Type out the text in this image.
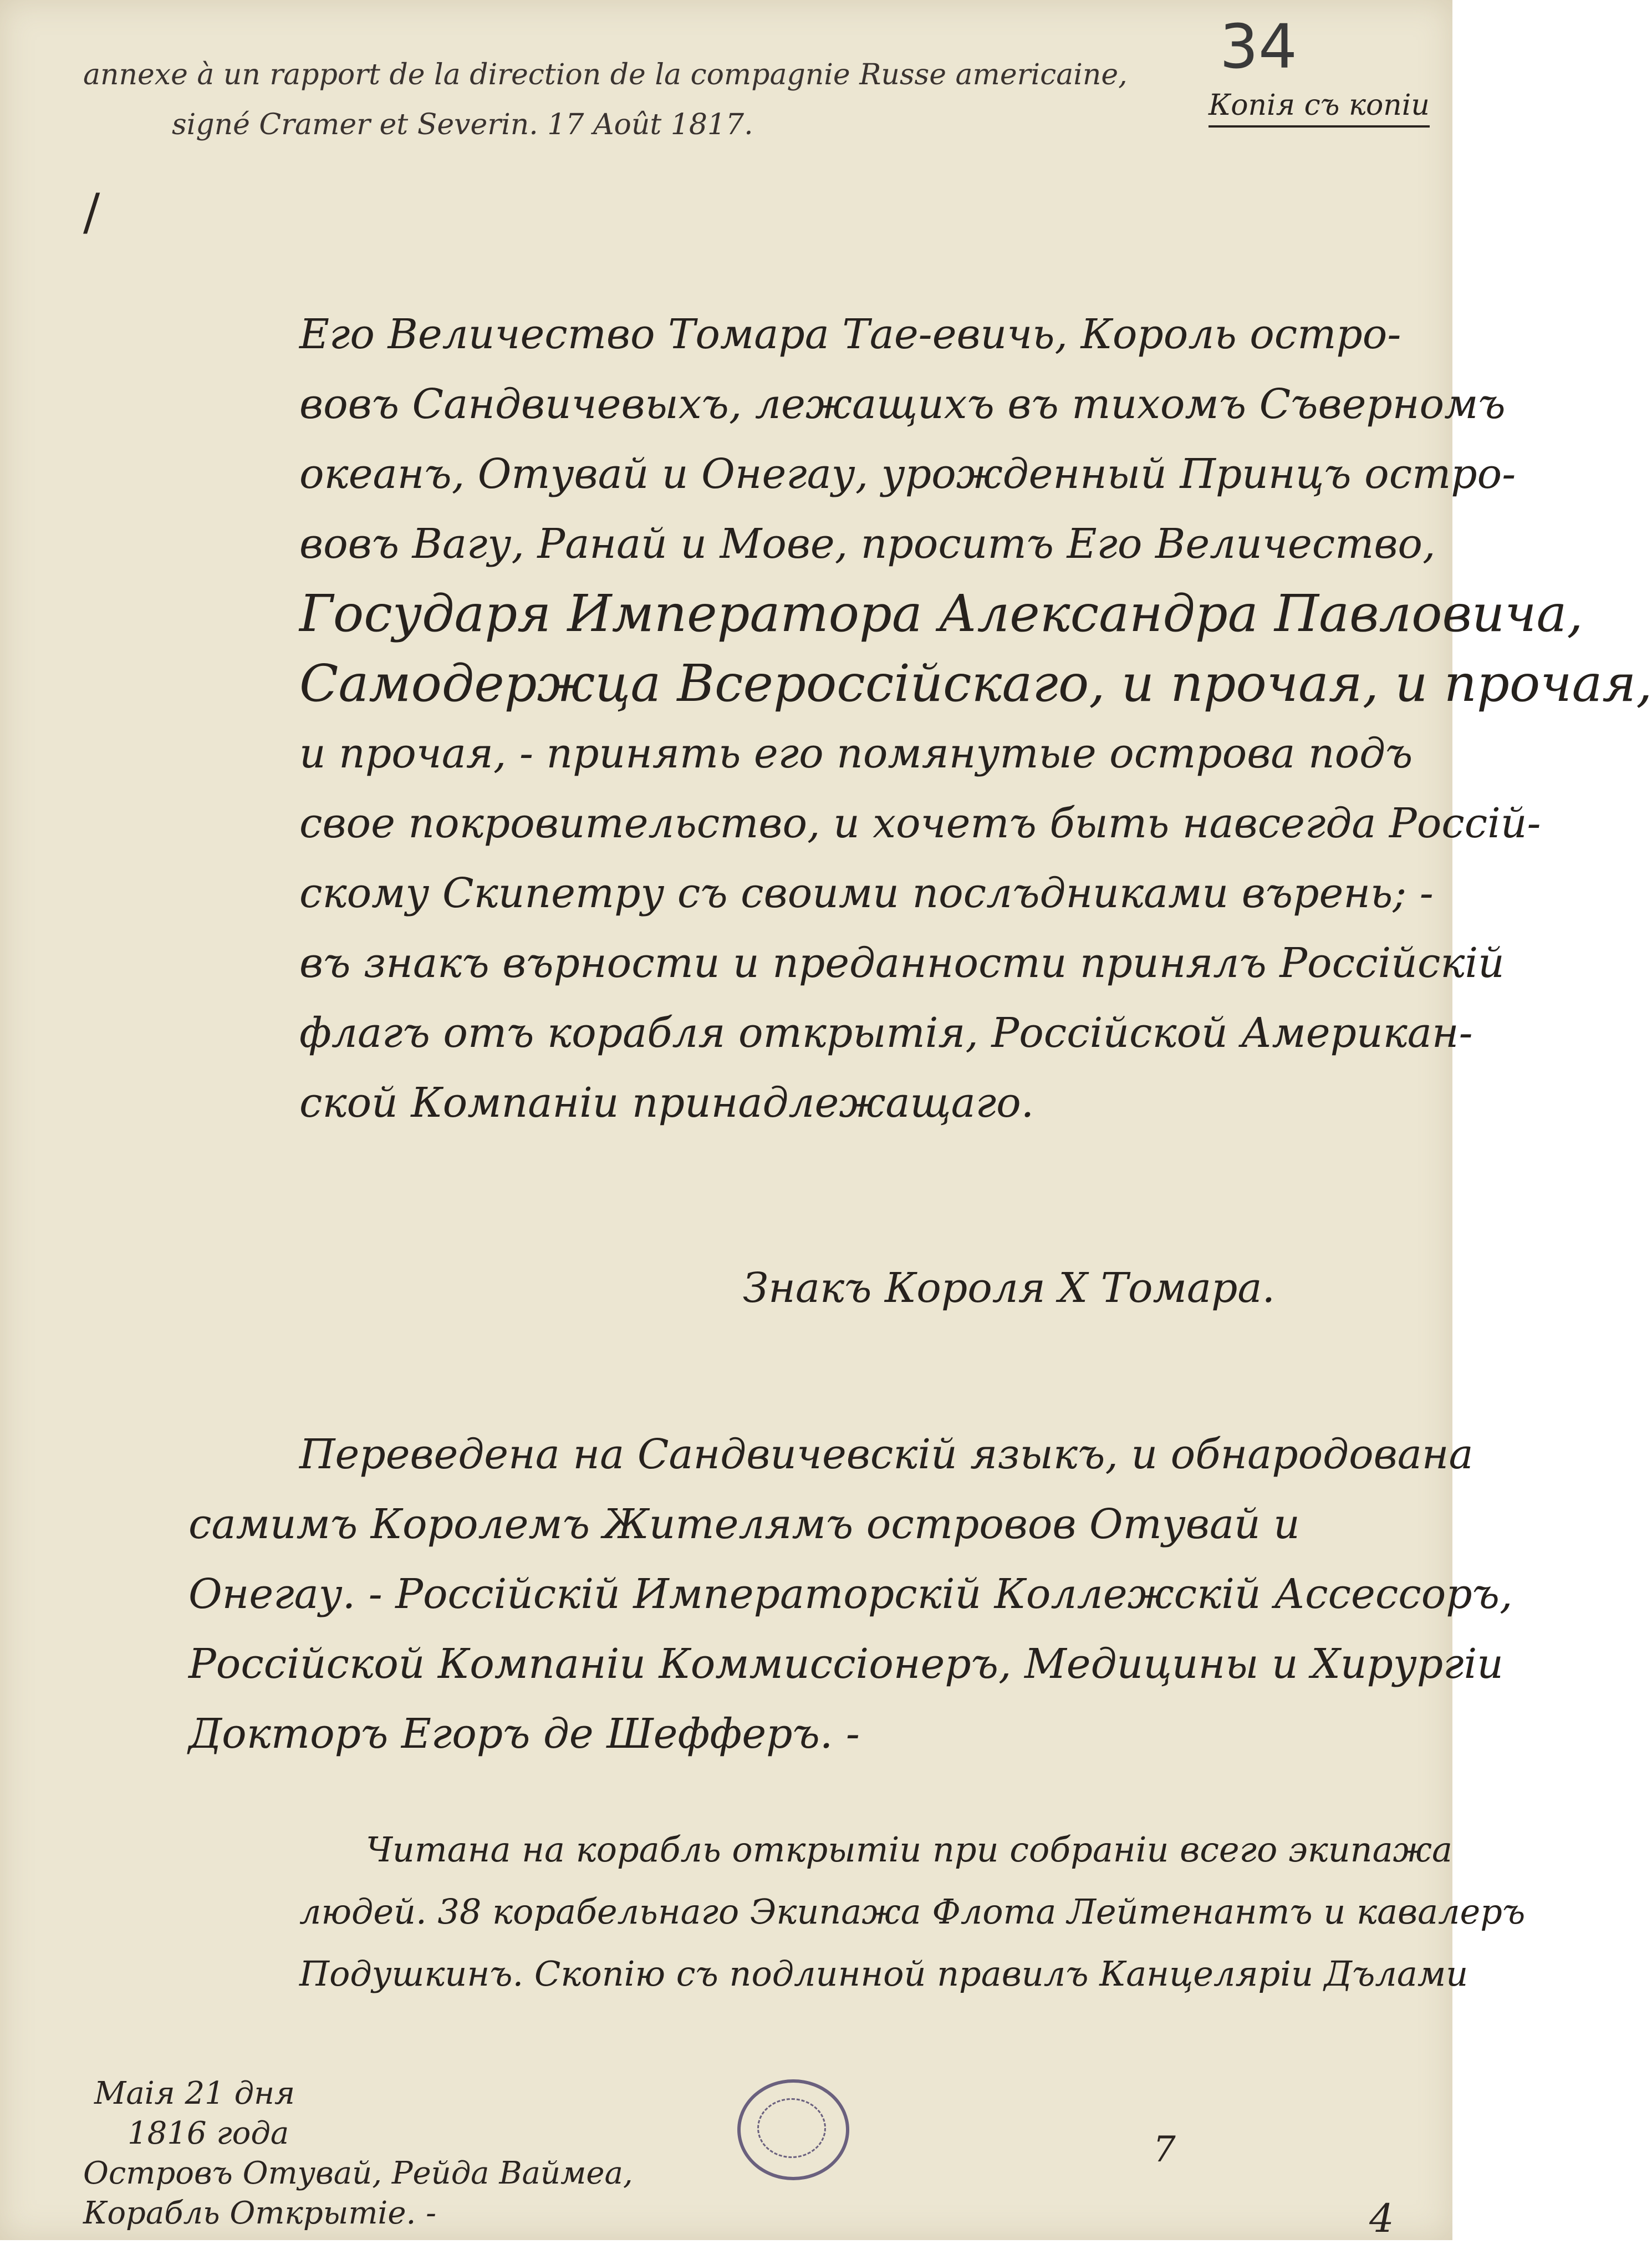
annexe à un rapport de la direction de la compagnie Russe americaine,
signé Cramer et Severin. 17 Août 1817.
34
Копія съ копіи
/
Его Величество Томара Тае-евичь, Король остро-
вовъ Сандвичевыхъ, лежащихъ въ тихомъ Съверномъ
океанъ, Отувай и Онегау, урожденный Принцъ остро-
вовъ Вагу, Ранай и Мове, проситъ Его Величество,
Государя Императора Александра Павловича,
Самодержца Всероссійскаго, и прочая, и прочая,
и прочая, - принять его помянутые острова подъ
свое покровительство, и хочетъ быть навсегда Россій-
скому Скипетру съ своими послъдниками върень; -
въ знакъ върности и преданности принялъ Россійскій
флагъ отъ корабля открытія, Россійской Американ-
ской Компаніи принадлежащаго.
Знакъ Короля Х Томара.
Переведена на Сандвичевскій языкъ, и обнародована
самимъ Королемъ Жителямъ островов Отувай и
Онегау. - Россійскій Императорскій Коллежскій Ассессоръ,
Россійской Компаніи Коммиссіонеръ, Медицины и Хирургіи
Докторъ Егоръ де Шефферъ. -
Читана на корабль открытіи при собраніи всего экипажа
людей. 38 корабельнаго Экипажа Флота Лейтенантъ и кавалеръ
Подушкинъ. Скопію съ подлинной правилъ Канцеляріи Дълами
Маія 21 дня
1816 года
Островъ Отувай, Рейда Ваймеа,
Корабль Открытіе. -
7
4
